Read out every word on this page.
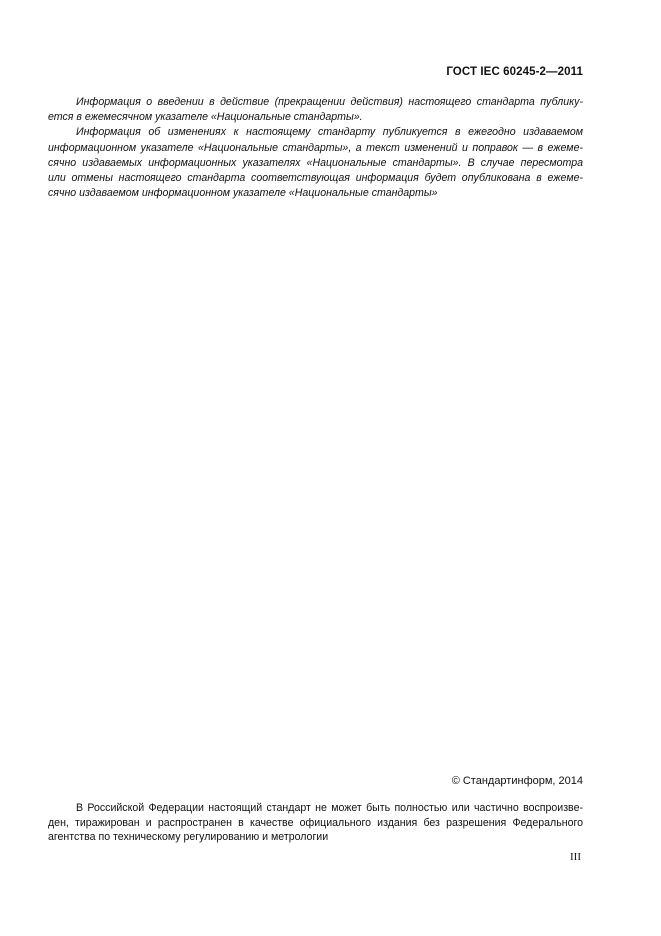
ГОСТ IEC 60245-2—2011
Информация о введении в действие (прекращении действия) настоящего стандарта публику-
ется в ежемесячном указателе «Национальные стандарты».
Информация об изменениях к настоящему стандарту публикуется в ежегодно издаваемом
информационном указателе «Национальные стандарты», а текст изменений и поправок — в ежеме-
сячно издаваемых информационных указателях «Национальные стандарты». В случае пересмотра
или отмены настоящего стандарта соответствующая информация будет опубликована в ежеме-
сячно издаваемом информационном указателе «Национальные стандарты»
© Стандартинформ, 2014
В Российской Федерации настоящий стандарт не может быть полностью или частично воспроизве-
ден, тиражирован и распространен в качестве официального издания без разрешения Федерального
агентства по техническому регулированию и метрологии
III
